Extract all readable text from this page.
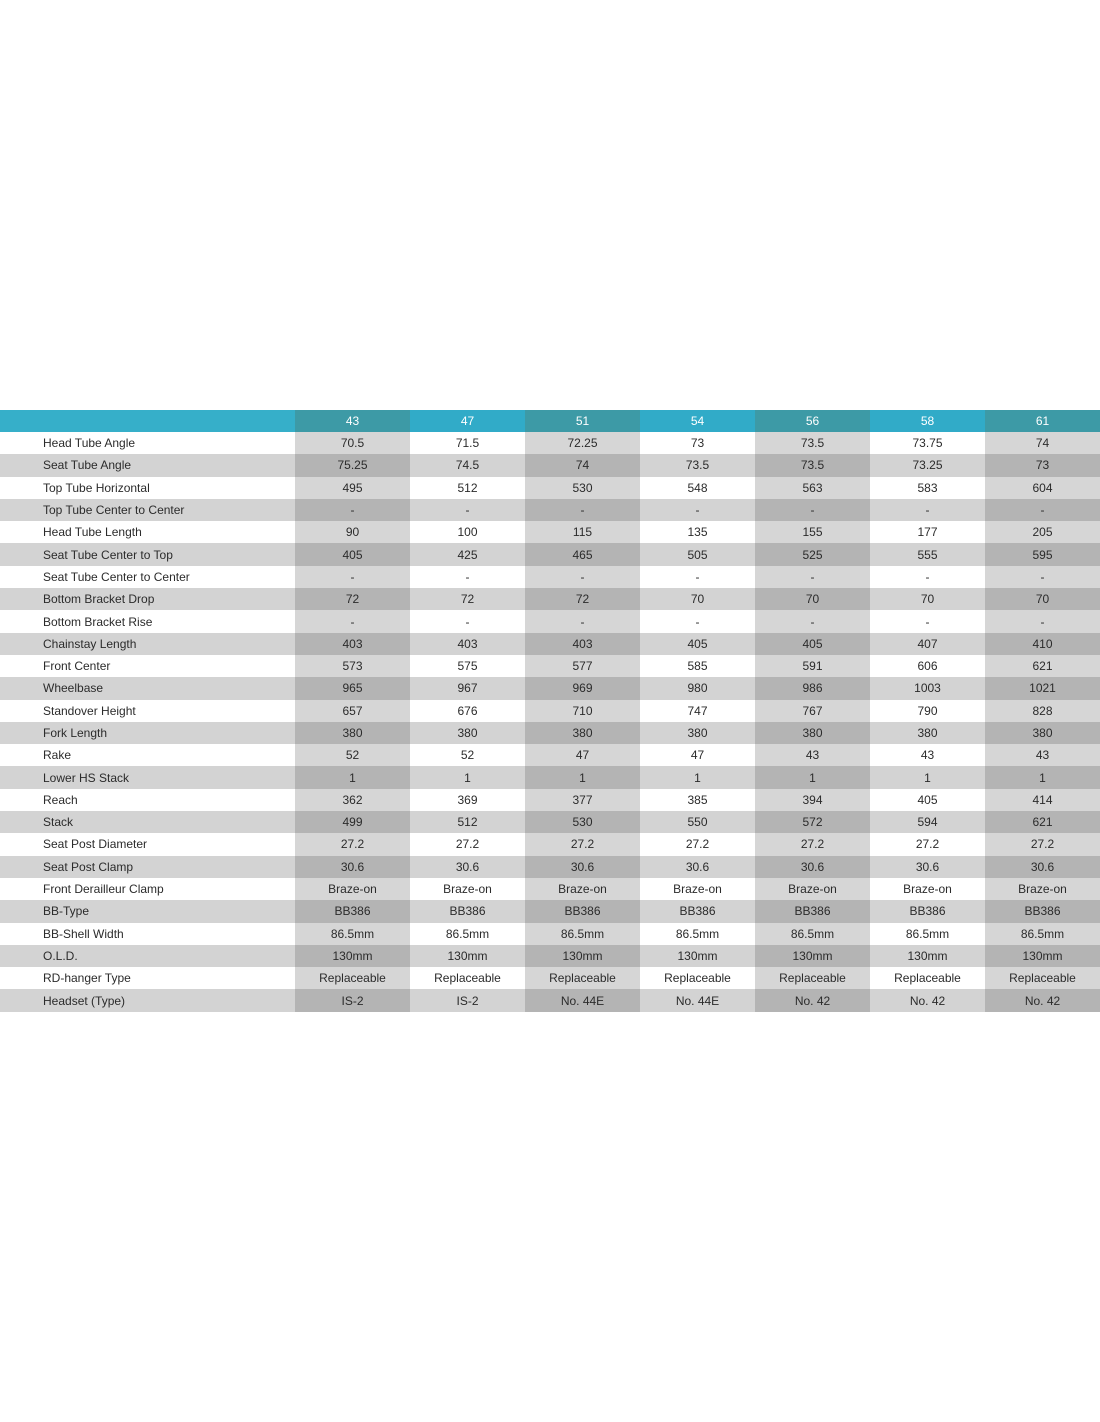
	43	47	51	54	56	58	61
Head Tube Angle	70.5	71.5	72.25	73	73.5	73.75	74
Seat Tube Angle	75.25	74.5	74	73.5	73.5	73.25	73
Top Tube Horizontal	495	512	530	548	563	583	604
Top Tube Center to Center	-	-	-	-	-	-	-
Head Tube Length	90	100	115	135	155	177	205
Seat Tube Center to Top	405	425	465	505	525	555	595
Seat Tube Center to Center	-	-	-	-	-	-	-
Bottom Bracket Drop	72	72	72	70	70	70	70
Bottom Bracket Rise	-	-	-	-	-	-	-
Chainstay Length	403	403	403	405	405	407	410
Front Center	573	575	577	585	591	606	621
Wheelbase	965	967	969	980	986	1003	1021
Standover Height	657	676	710	747	767	790	828
Fork Length	380	380	380	380	380	380	380
Rake	52	52	47	47	43	43	43
Lower HS Stack	1	1	1	1	1	1	1
Reach	362	369	377	385	394	405	414
Stack	499	512	530	550	572	594	621
Seat Post Diameter	27.2	27.2	27.2	27.2	27.2	27.2	27.2
Seat Post Clamp	30.6	30.6	30.6	30.6	30.6	30.6	30.6
Front Derailleur Clamp	Braze-on	Braze-on	Braze-on	Braze-on	Braze-on	Braze-on	Braze-on
BB-Type	BB386	BB386	BB386	BB386	BB386	BB386	BB386
BB-Shell Width	86.5mm	86.5mm	86.5mm	86.5mm	86.5mm	86.5mm	86.5mm
O.L.D.	130mm	130mm	130mm	130mm	130mm	130mm	130mm
RD-hanger Type	Replaceable	Replaceable	Replaceable	Replaceable	Replaceable	Replaceable	Replaceable
Headset (Type)	IS-2	IS-2	No. 44E	No. 44E	No. 42	No. 42	No. 42
